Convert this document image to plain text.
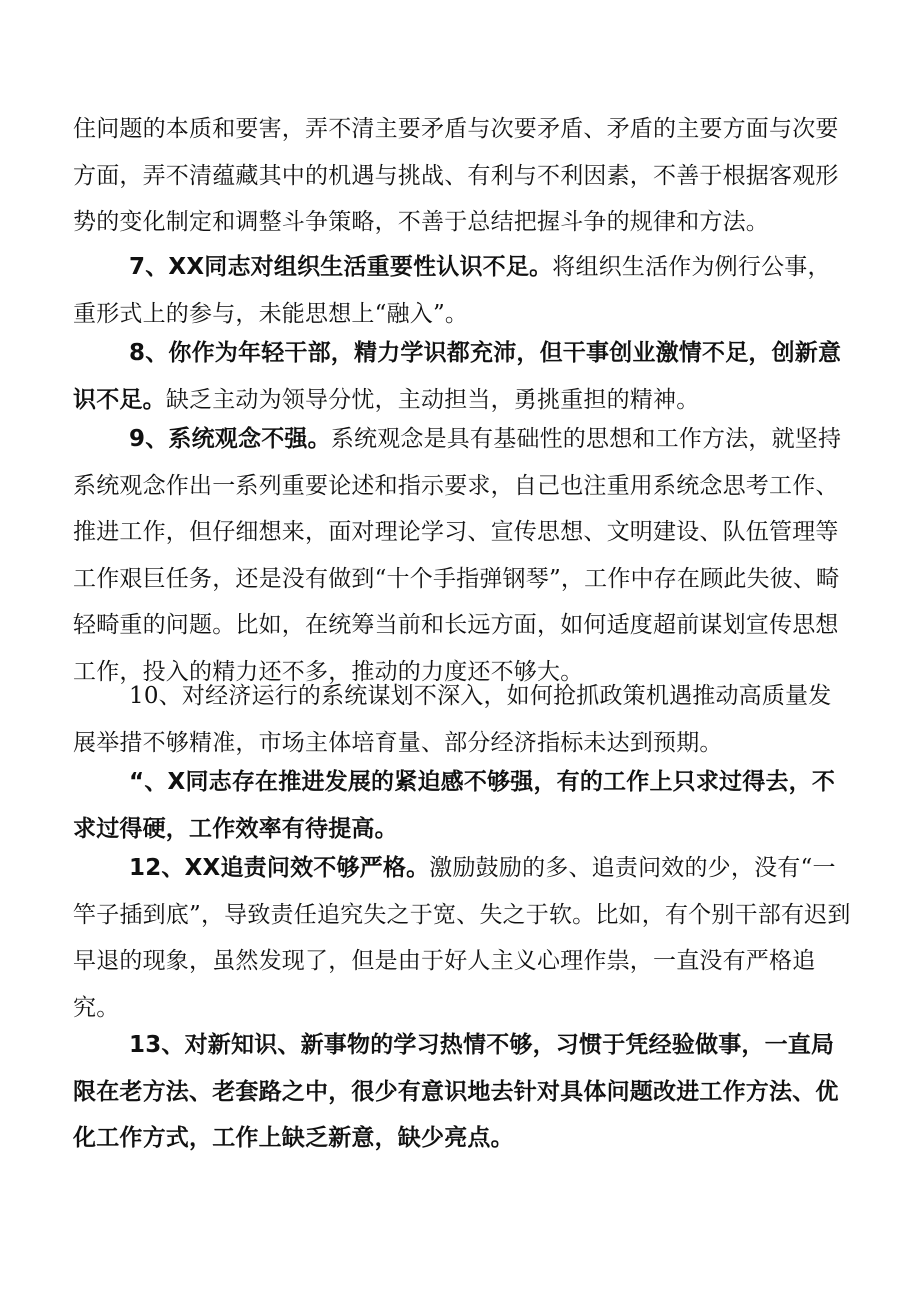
住问题的本质和要害，弄不清主要矛盾与次要矛盾、矛盾的主要方面与次要方面，弄不清蕴藏其中的机遇与挑战、有利与不利因素，不善于根据客观形势的变化制定和调整斗争策略，不善于总结把握斗争的规律和方法。

7、XX同志对组织生活重要性认识不足。将组织生活作为例行公事，重形式上的参与，未能思想上“融入”。

8、你作为年轻干部，精力学识都充沛，但干事创业激情不足，创新意识不足。缺乏主动为领导分忧，主动担当，勇挑重担的精神。

9、系统观念不强。系统观念是具有基础性的思想和工作方法，就坚持系统观念作出一系列重要论述和指示要求，自己也注重用系统念思考工作、推进工作，但仔细想来，面对理论学习、宣传思想、文明建设、队伍管理等工作艰巨任务，还是没有做到“十个手指弹钢琴”，工作中存在顾此失彼、畸轻畸重的问题。比如，在统筹当前和长远方面，如何适度超前谋划宣传思想工作，投入的精力还不多，推动的力度还不够大。

10、对经济运行的系统谋划不深入，如何抢抓政策机遇推动高质量发展举措不够精准，市场主体培育量、部分经济指标未达到预期。

“、X同志存在推进发展的紧迫感不够强，有的工作上只求过得去，不求过得硬，工作效率有待提高。

12、XX追责问效不够严格。激励鼓励的多、追责问效的少，没有“一竿子插到底”，导致责任追究失之于宽、失之于软。比如，有个别干部有迟到早退的现象，虽然发现了，但是由于好人主义心理作祟，一直没有严格追究。

13、对新知识、新事物的学习热情不够，习惯于凭经验做事，一直局限在老方法、老套路之中，很少有意识地去针对具体问题改进工作方法、优化工作方式，工作上缺乏新意，缺少亮点。
